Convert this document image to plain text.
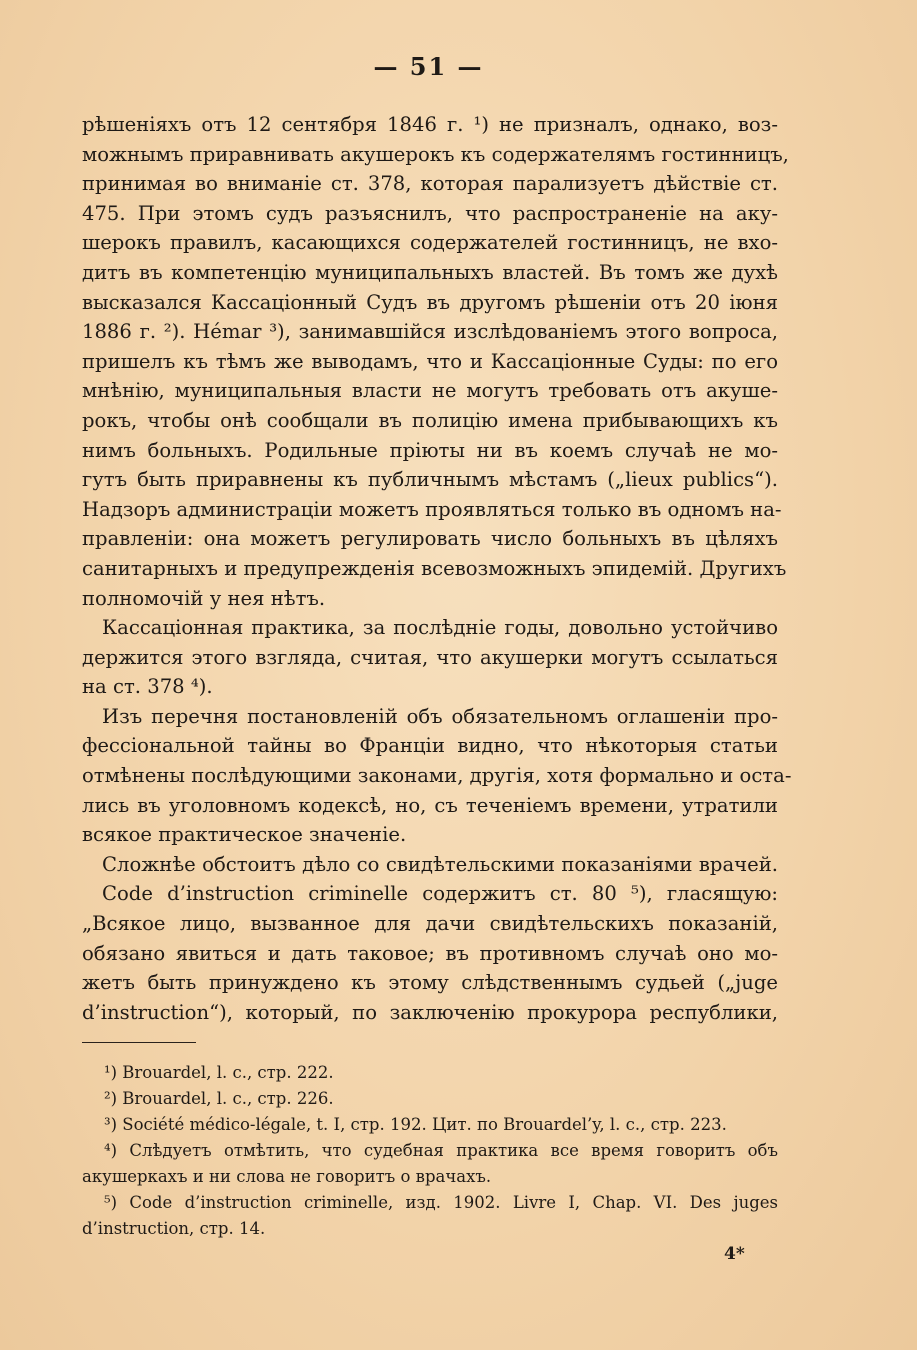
— 51 —
рѣшеніяхъ отъ 12 сентября 1846 г. ¹) не призналъ, однако, воз-
можнымъ приравнивать акушерокъ къ содержателямъ гостинницъ,
принимая во вниманіе ст. 378, которая парализуетъ дѣйствіе ст.
475. При этомъ судъ разъяснилъ, что распространеніе на аку-
шерокъ правилъ, касающихся содержателей гостинницъ, не вхо-
дитъ въ компетенцію муниципальныхъ властей. Въ томъ же духѣ
высказался Кассаціонный Судъ въ другомъ рѣшеніи отъ 20 іюня
1886 г. ²). Hémar ³), занимавшійся изслѣдованіемъ этого вопроса,
пришелъ къ тѣмъ же выводамъ, что и Кассаціонные Суды: по его
мнѣнію, муниципальныя власти не могутъ требовать отъ акуше-
рокъ, чтобы онѣ сообщали въ полицію имена прибывающихъ къ
нимъ больныхъ. Родильные пріюты ни въ коемъ случаѣ не мо-
гутъ быть приравнены къ публичнымъ мѣстамъ („lieux publics“).
Надзоръ администраціи можетъ проявляться только въ одномъ на-
правленіи: она можетъ регулировать число больныхъ въ цѣляхъ
санитарныхъ и предупрежденія всевозможныхъ эпидемій. Другихъ
полномочій у нея нѣтъ.
Кассаціонная практика, за послѣдніе годы, довольно устойчиво
держится этого взгляда, считая, что акушерки могутъ ссылаться
на ст. 378 ⁴).
Изъ перечня постановленій объ обязательномъ оглашеніи про-
фессіональной тайны во Франціи видно, что нѣкоторыя статьи
отмѣнены послѣдующими законами, другія, хотя формально и оста-
лись въ уголовномъ кодексѣ, но, съ теченіемъ времени, утратили
всякое практическое значеніе.
Сложнѣе обстоитъ дѣло со свидѣтельскими показаніями врачей.
Code d’instruction criminelle содержитъ ст. 80 ⁵), гласящую:
„Всякое лицо, вызванное для дачи свидѣтельскихъ показаній,
обязано явиться и дать таковое; въ противномъ случаѣ оно мо-
жетъ быть принуждено къ этому слѣдственнымъ судьей („juge
d’instruction“), который, по заключенію прокурора республики,
¹) Brouardel, l. c., стр. 222.
²) Brouardel, l. c., стр. 226.
³) Société médico-légale, t. I, стр. 192. Цит. по Brouardel’y, l. c., стр. 223.
⁴) Слѣдуетъ отмѣтить, что судебная практика все время говоритъ объ
акушеркахъ и ни слова не говоритъ о врачахъ.
⁵) Code d’instruction criminelle, изд. 1902. Livre I, Chap. VI. Des juges
d’instruction, стр. 14.
4*
